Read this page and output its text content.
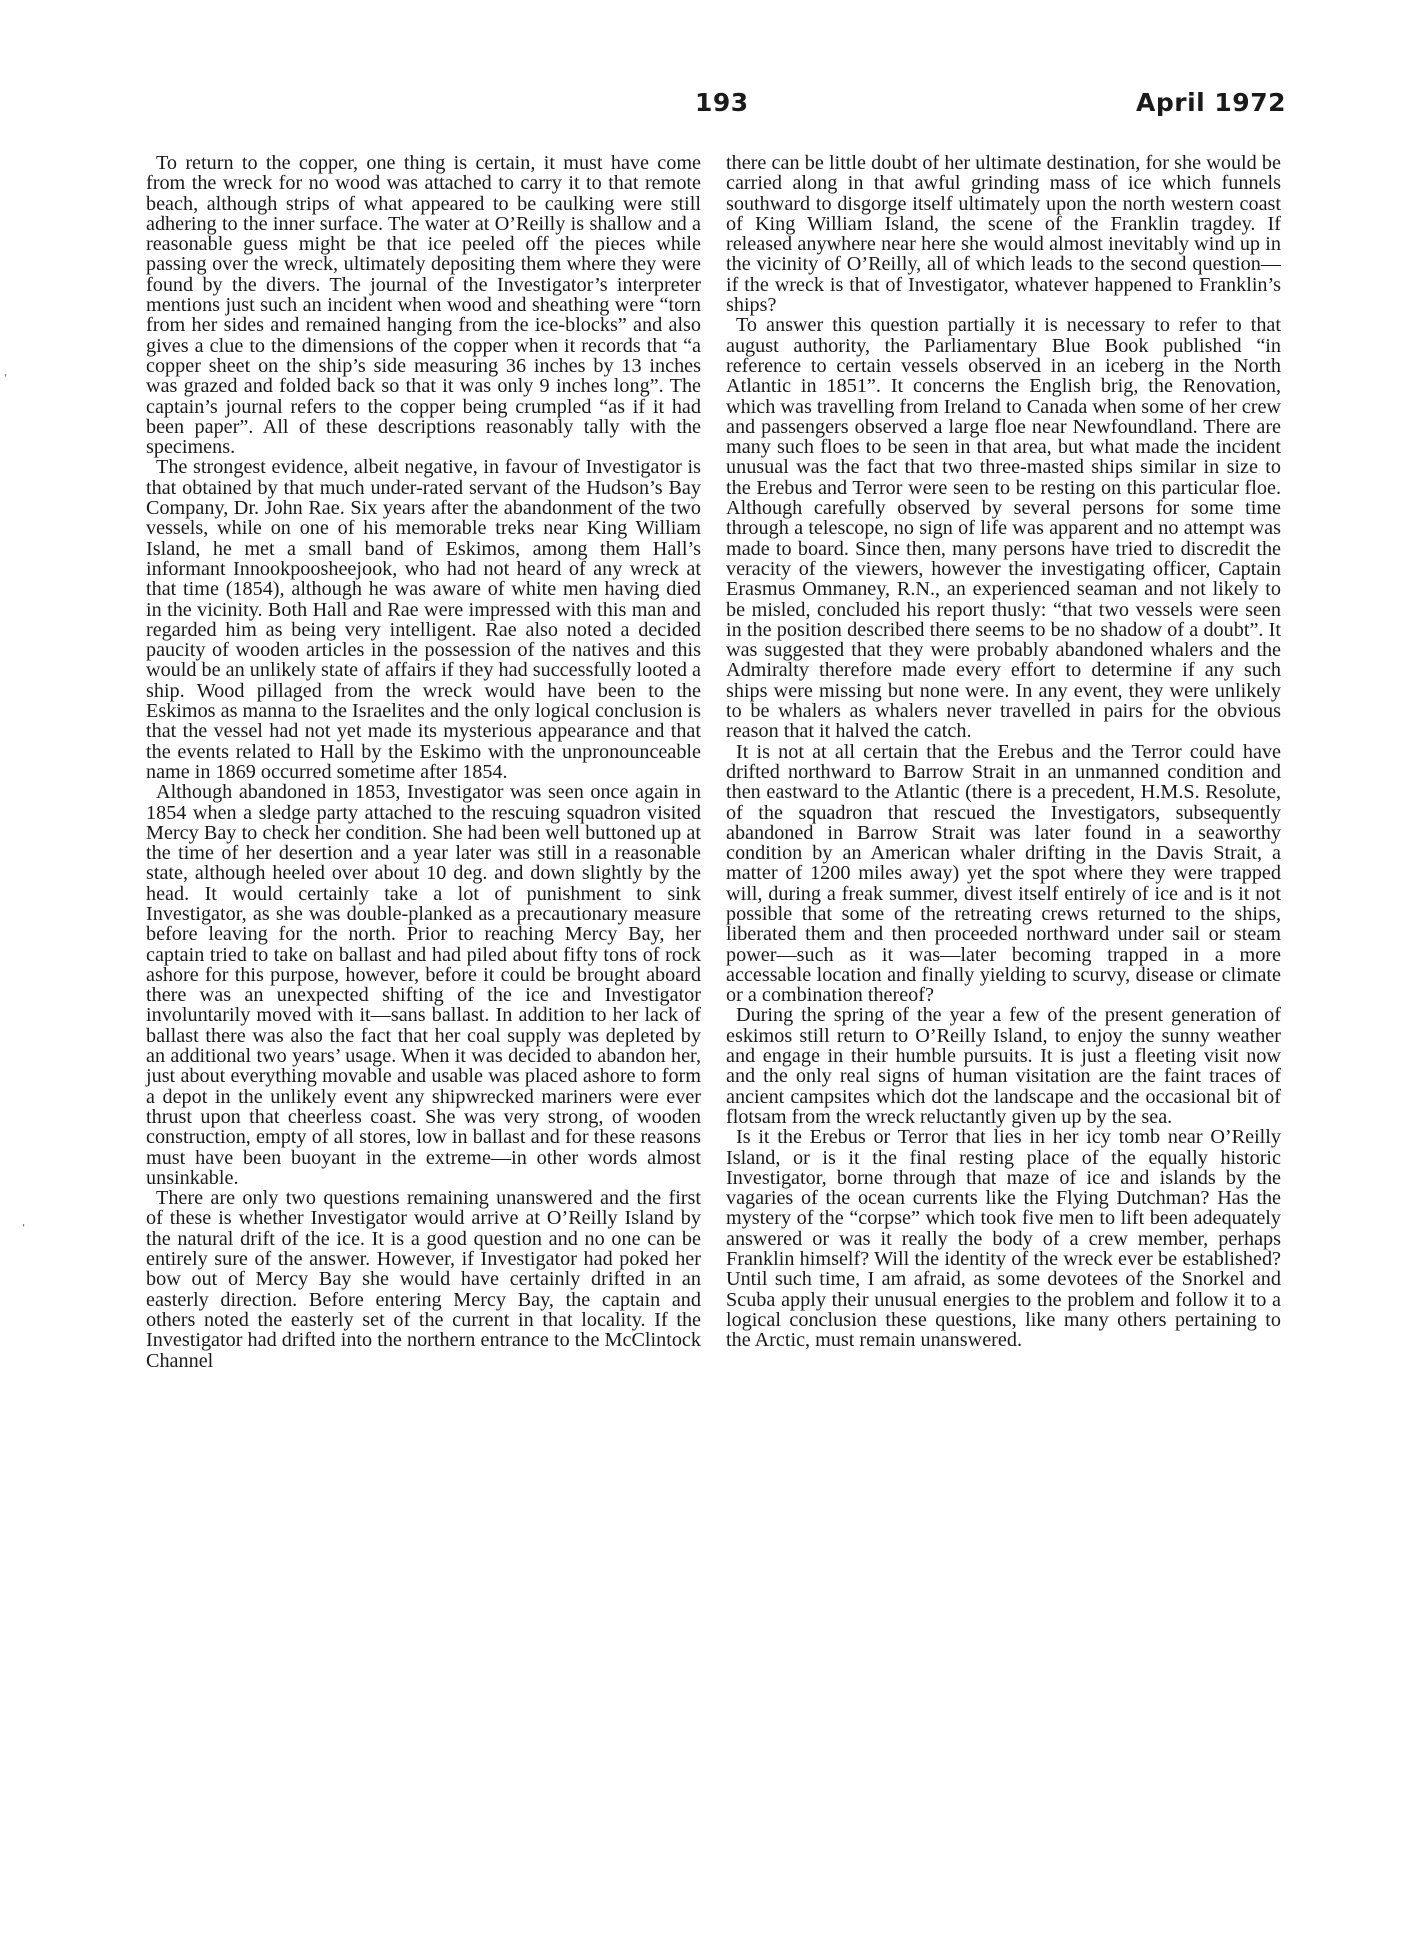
193	April 1972

To return to the copper, one thing is certain, it must have come from the wreck for no wood was attached to carry it to that remote beach, although strips of what appeared to be caulking were still adhering to the inner surface. The water at O’Reilly is shallow and a reasonable guess might be that ice peeled off the pieces while passing over the wreck, ultimately depositing them where they were found by the divers. The journal of the Investigator’s interpreter mentions just such an incident when wood and sheathing were “torn from her sides and remained hanging from the ice-blocks” and also gives a clue to the dimensions of the copper when it records that “a copper sheet on the ship’s side measuring 36 inches by 13 inches was grazed and folded back so that it was only 9 inches long”. The captain’s journal refers to the copper being crumpled “as if it had been paper”. All of these descriptions reasonably tally with the specimens.

The strongest evidence, albeit negative, in favour of Investigator is that obtained by that much under-rated servant of the Hudson’s Bay Company, Dr. John Rae. Six years after the abandonment of the two vessels, while on one of his memorable treks near King William Island, he met a small band of Eskimos, among them Hall’s informant Innookpoosheejook, who had not heard of any wreck at that time (1854), although he was aware of white men having died in the vicinity. Both Hall and Rae were impressed with this man and regarded him as being very intelligent. Rae also noted a decided paucity of wooden articles in the possession of the natives and this would be an unlikely state of affairs if they had successfully looted a ship. Wood pillaged from the wreck would have been to the Eskimos as manna to the Israelites and the only logical conclusion is that the vessel had not yet made its mysterious appearance and that the events related to Hall by the Eskimo with the unpronounceable name in 1869 occurred sometime after 1854.

Although abandoned in 1853, Investigator was seen once again in 1854 when a sledge party attached to the rescuing squadron visited Mercy Bay to check her condition. She had been well buttoned up at the time of her desertion and a year later was still in a reasonable state, although heeled over about 10 deg. and down slightly by the head. It would certainly take a lot of punishment to sink Investigator, as she was double-planked as a precautionary measure before leaving for the north. Prior to reaching Mercy Bay, her captain tried to take on ballast and had piled about fifty tons of rock ashore for this purpose, however, before it could be brought aboard there was an unexpected shifting of the ice and Investigator involuntarily moved with it—sans ballast. In addition to her lack of ballast there was also the fact that her coal supply was depleted by an additional two years’ usage. When it was decided to abandon her, just about everything movable and usable was placed ashore to form a depot in the unlikely event any shipwrecked mariners were ever thrust upon that cheerless coast. She was very strong, of wooden construction, empty of all stores, low in ballast and for these reasons must have been buoyant in the extreme—in other words almost unsinkable.

There are only two questions remaining unanswered and the first of these is whether Investigator would arrive at O’Reilly Island by the natural drift of the ice. It is a good question and no one can be entirely sure of the answer. However, if Investigator had poked her bow out of Mercy Bay she would have certainly drifted in an easterly direction. Before entering Mercy Bay, the captain and others noted the easterly set of the current in that locality. If the Investigator had drifted into the northern entrance to the McClintock Channel

there can be little doubt of her ultimate destination, for she would be carried along in that awful grinding mass of ice which funnels southward to disgorge itself ultimately upon the north western coast of King William Island, the scene of the Franklin tragdey. If released anywhere near here she would almost inevitably wind up in the vicinity of O’Reilly, all of which leads to the second question—if the wreck is that of Investigator, whatever happened to Franklin’s ships?

To answer this question partially it is necessary to refer to that august authority, the Parliamentary Blue Book published “in reference to certain vessels observed in an iceberg in the North Atlantic in 1851”. It concerns the English brig, the Renovation, which was travelling from Ireland to Canada when some of her crew and passengers observed a large floe near Newfoundland. There are many such floes to be seen in that area, but what made the incident unusual was the fact that two three-masted ships similar in size to the Erebus and Terror were seen to be resting on this particular floe. Although carefully observed by several persons for some time through a telescope, no sign of life was apparent and no attempt was made to board. Since then, many persons have tried to discredit the veracity of the viewers, however the investigating officer, Captain Erasmus Ommaney, R.N., an experienced seaman and not likely to be misled, concluded his report thusly: “that two vessels were seen in the position described there seems to be no shadow of a doubt”. It was suggested that they were probably abandoned whalers and the Admiralty therefore made every effort to determine if any such ships were missing but none were. In any event, they were unlikely to be whalers as whalers never travelled in pairs for the obvious reason that it halved the catch.

It is not at all certain that the Erebus and the Terror could have drifted northward to Barrow Strait in an unmanned condition and then eastward to the Atlantic (there is a precedent, H.M.S. Resolute, of the squadron that rescued the Investigators, subsequently abandoned in Barrow Strait was later found in a seaworthy condition by an American whaler drifting in the Davis Strait, a matter of 1200 miles away) yet the spot where they were trapped will, during a freak summer, divest itself entirely of ice and is it not possible that some of the retreating crews returned to the ships, liberated them and then proceeded northward under sail or steam power—such as it was—later becoming trapped in a more accessable location and finally yielding to scurvy, disease or climate or a combination thereof?

During the spring of the year a few of the present generation of eskimos still return to O’Reilly Island, to enjoy the sunny weather and engage in their humble pursuits. It is just a fleeting visit now and the only real signs of human visitation are the faint traces of ancient campsites which dot the landscape and the occasional bit of flotsam from the wreck reluctantly given up by the sea.

Is it the Erebus or Terror that lies in her icy tomb near O’Reilly Island, or is it the final resting place of the equally historic Investigator, borne through that maze of ice and islands by the vagaries of the ocean currents like the Flying Dutchman? Has the mystery of the “corpse” which took five men to lift been adequately answered or was it really the body of a crew member, perhaps Franklin himself? Will the identity of the wreck ever be established? Until such time, I am afraid, as some devotees of the Snorkel and Scuba apply their unusual energies to the problem and follow it to a logical conclusion these questions, like many others pertaining to the Arctic, must remain unanswered.

ˈ
ˌ
